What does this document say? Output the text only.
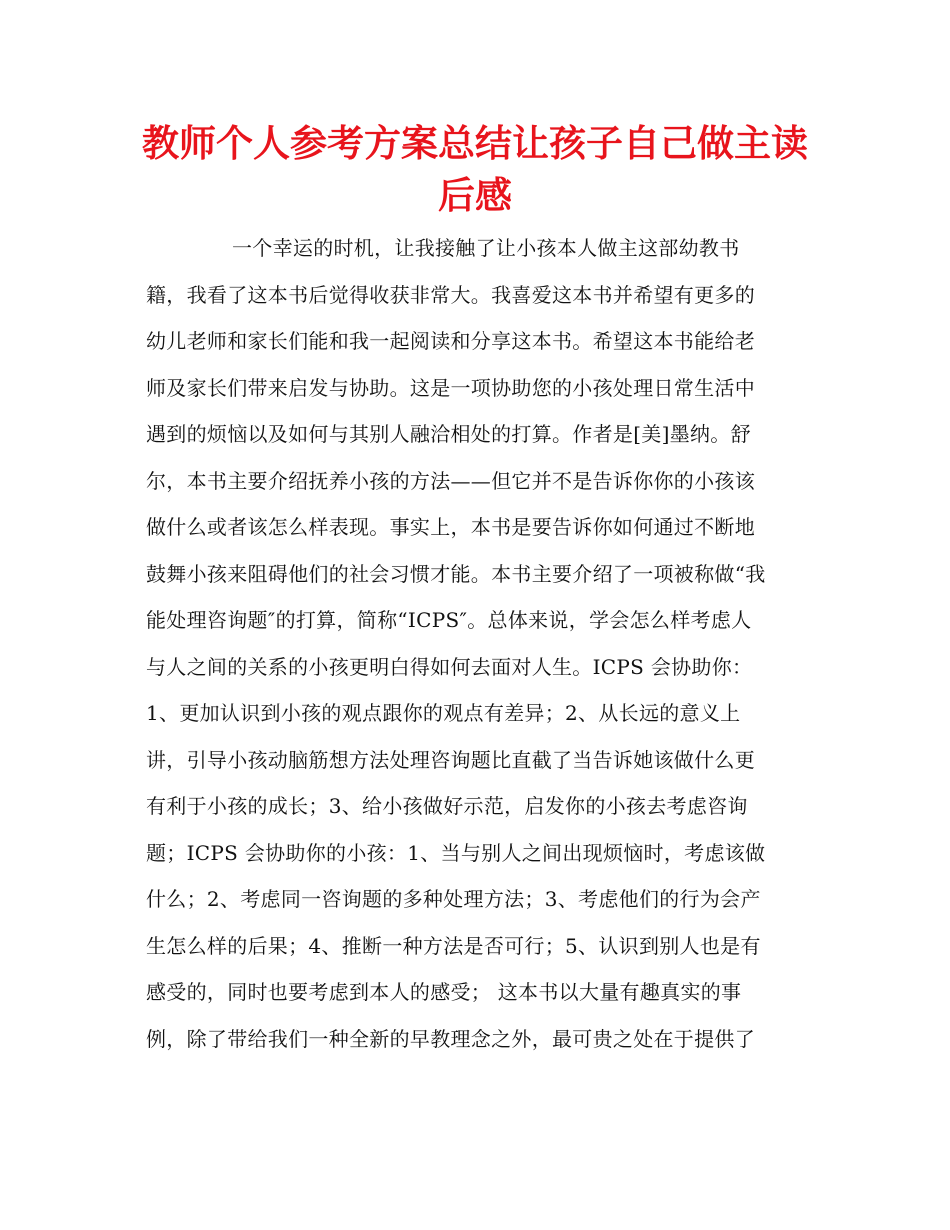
教师个人参考方案总结让孩子自己做主读
后感
一个幸运的时机，让我接触了让小孩本人做主这部幼教书
籍，我看了这本书后觉得收获非常大。我喜爱这本书并希望有更多的
幼儿老师和家长们能和我一起阅读和分享这本书。希望这本书能给老
师及家长们带来启发与协助。这是一项协助您的小孩处理日常生活中
遇到的烦恼以及如何与其别人融洽相处的打算。作者是[美]墨纳。舒
尔，本书主要介绍抚养小孩的方法——但它并不是告诉你你的小孩该
做什么或者该怎么样表现。事实上，本书是要告诉你如何通过不断地
鼓舞小孩来阻碍他们的社会习惯才能。本书主要介绍了一项被称做“我
能处理咨询题″的打算，简称“ICPS″。总体来说，学会怎么样考虑人
与人之间的关系的小孩更明白得如何去面对人生。ICPS 会协助你：
1、更加认识到小孩的观点跟你的观点有差异；2、从长远的意义上
讲，引导小孩动脑筋想方法处理咨询题比直截了当告诉她该做什么更
有利于小孩的成长；3、给小孩做好示范，启发你的小孩去考虑咨询
题；ICPS 会协助你的小孩：1、当与别人之间出现烦恼时，考虑该做
什么；2、考虑同一咨询题的多种处理方法；3、考虑他们的行为会产
生怎么样的后果；4、推断一种方法是否可行；5、认识到别人也是有
感受的，同时也要考虑到本人的感受； 这本书以大量有趣真实的事
例，除了带给我们一种全新的早教理念之外，最可贵之处在于提供了
